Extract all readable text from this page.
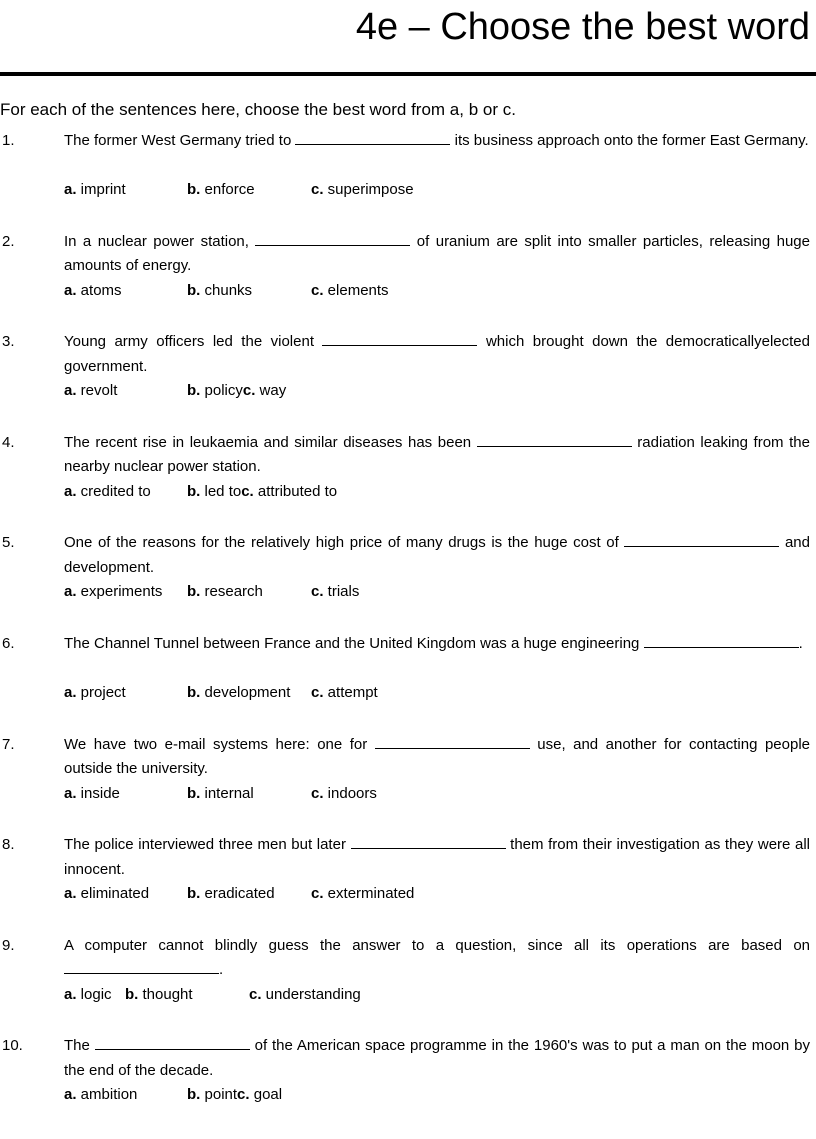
4e – Choose the best word
For each of the sentences here, choose the best word from a, b or c.
1.	The former West Germany tried to	its business approach onto the former East Germany.
a. imprint	b. enforce	c. superimpose
2.	In a nuclear power station,	of uranium are split into smaller particles, releasing huge amounts of energy.
a. atoms	b. chunks	c. elements
3.	Young army officers led the violent	which brought down the democraticallyelected government.
a. revolt	b. policyc. way
4.	The recent rise in leukaemia and similar diseases has been	radiation leaking from the nearby nuclear power station.
a. credited to b. led toc. attributed to
5.	One of the reasons for the relatively high price of many drugs is the huge cost of	and development.
a. experiments b. research	c. trials
6.	The Channel Tunnel between France and the United Kingdom was a huge engineering	.
a. project	b. development c. attempt
7.	We have two e-mail systems here: one for	use, and another for contacting people outside the university.
a. inside	b. internal	c. indoors
8.	The police interviewed three men but later	them from their investigation as they were all innocent.
a. eliminated	b. eradicated c. exterminated
9.	A computer cannot blindly guess the answer to a question, since all its operations are based on .
a. logic b. thought	c. understanding
10.	The	of the American space programme in the 1960's was to put a man on the moon by the end of the decade.
a. ambition	b. pointc. goal
